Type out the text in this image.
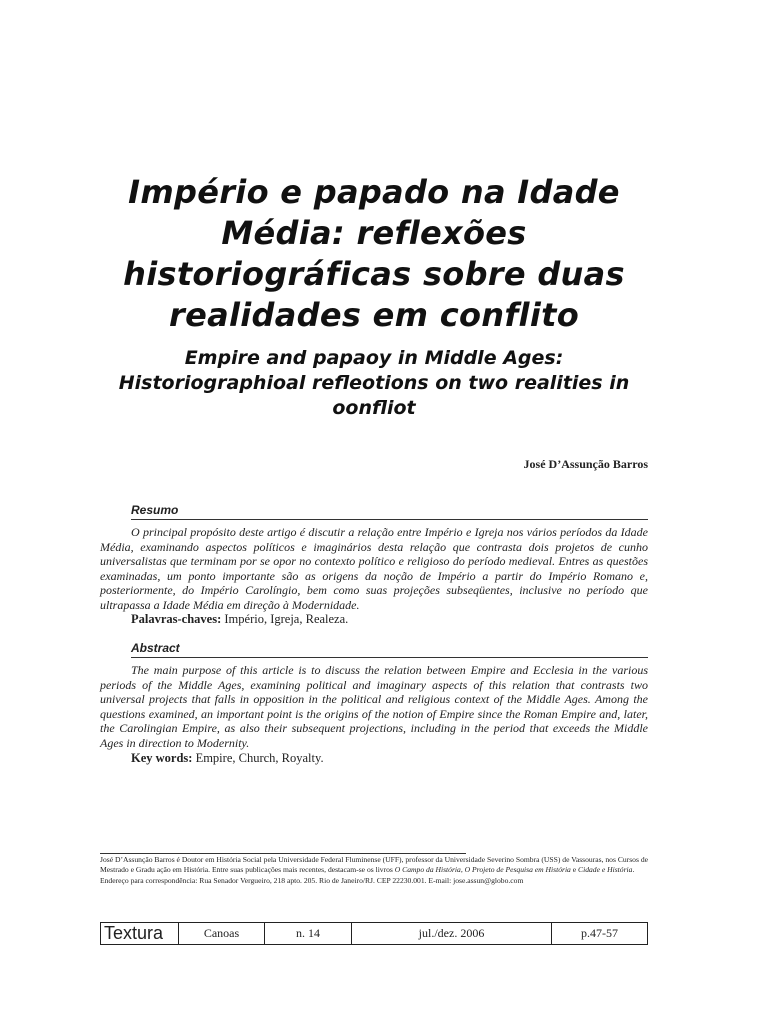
Império e papado na Idade Média: reflexões historiográficas sobre duas realidades em conflito
Empire and papaoy in Middle Ages: Historiographioal refleotions on two realities in oonfliot
José D’Assunção Barros
Resumo

O principal propósito deste artigo é discutir a relação entre Império e Igreja nos vários períodos da Idade Média, examinando aspectos políticos e imaginários desta relação que contrasta dois projetos de cunho universalistas que terminam por se opor no contexto político e religioso do período medieval. Entres as questões examinadas, um ponto importante são as origens da noção de Império a partir do Império Romano e, posteriormente, do Império Carolíngio, bem como suas projeções subseqüentes, inclusive no período que ultrapassa a Idade Média em direção à Modernidade.

Palavras-chaves: Império, Igreja, Realeza.
Abstract

The main purpose of this article is to discuss the relation between Empire and Ecclesia in the various periods of the Middle Ages, examining political and imaginary aspects of this relation that contrasts two universal projects that falls in opposition in the political and religious context of the Middle Ages. Among the questions examined, an important point is the origins of the notion of Empire since the Roman Empire and, later, the Carolingian Empire, as also their subsequent projections, including in the period that exceeds the Middle Ages in direction to Modernity.

Key words: Empire, Church, Royalty.

José D’Assunção Barros é Doutor em História Social pela Universidade Federal Fluminense (UFF), professor da Universidade Severino Sombra (USS) de Vassouras, nos Cursos de Mestrado e Gradu ação em História. Entre suas publicações mais recentes, destacam-se os livros O Campo da História, O Projeto de Pesquisa em História e Cidade e História.

Endereço para correspondência: Rua Senador Vergueiro, 218 apto. 205. Rio de Janeiro/RJ. CEP 22230.001. E-mail: jose.assun@globo.com

Textura	Canoas	n. 14	jul./dez. 2006	p.47-57
